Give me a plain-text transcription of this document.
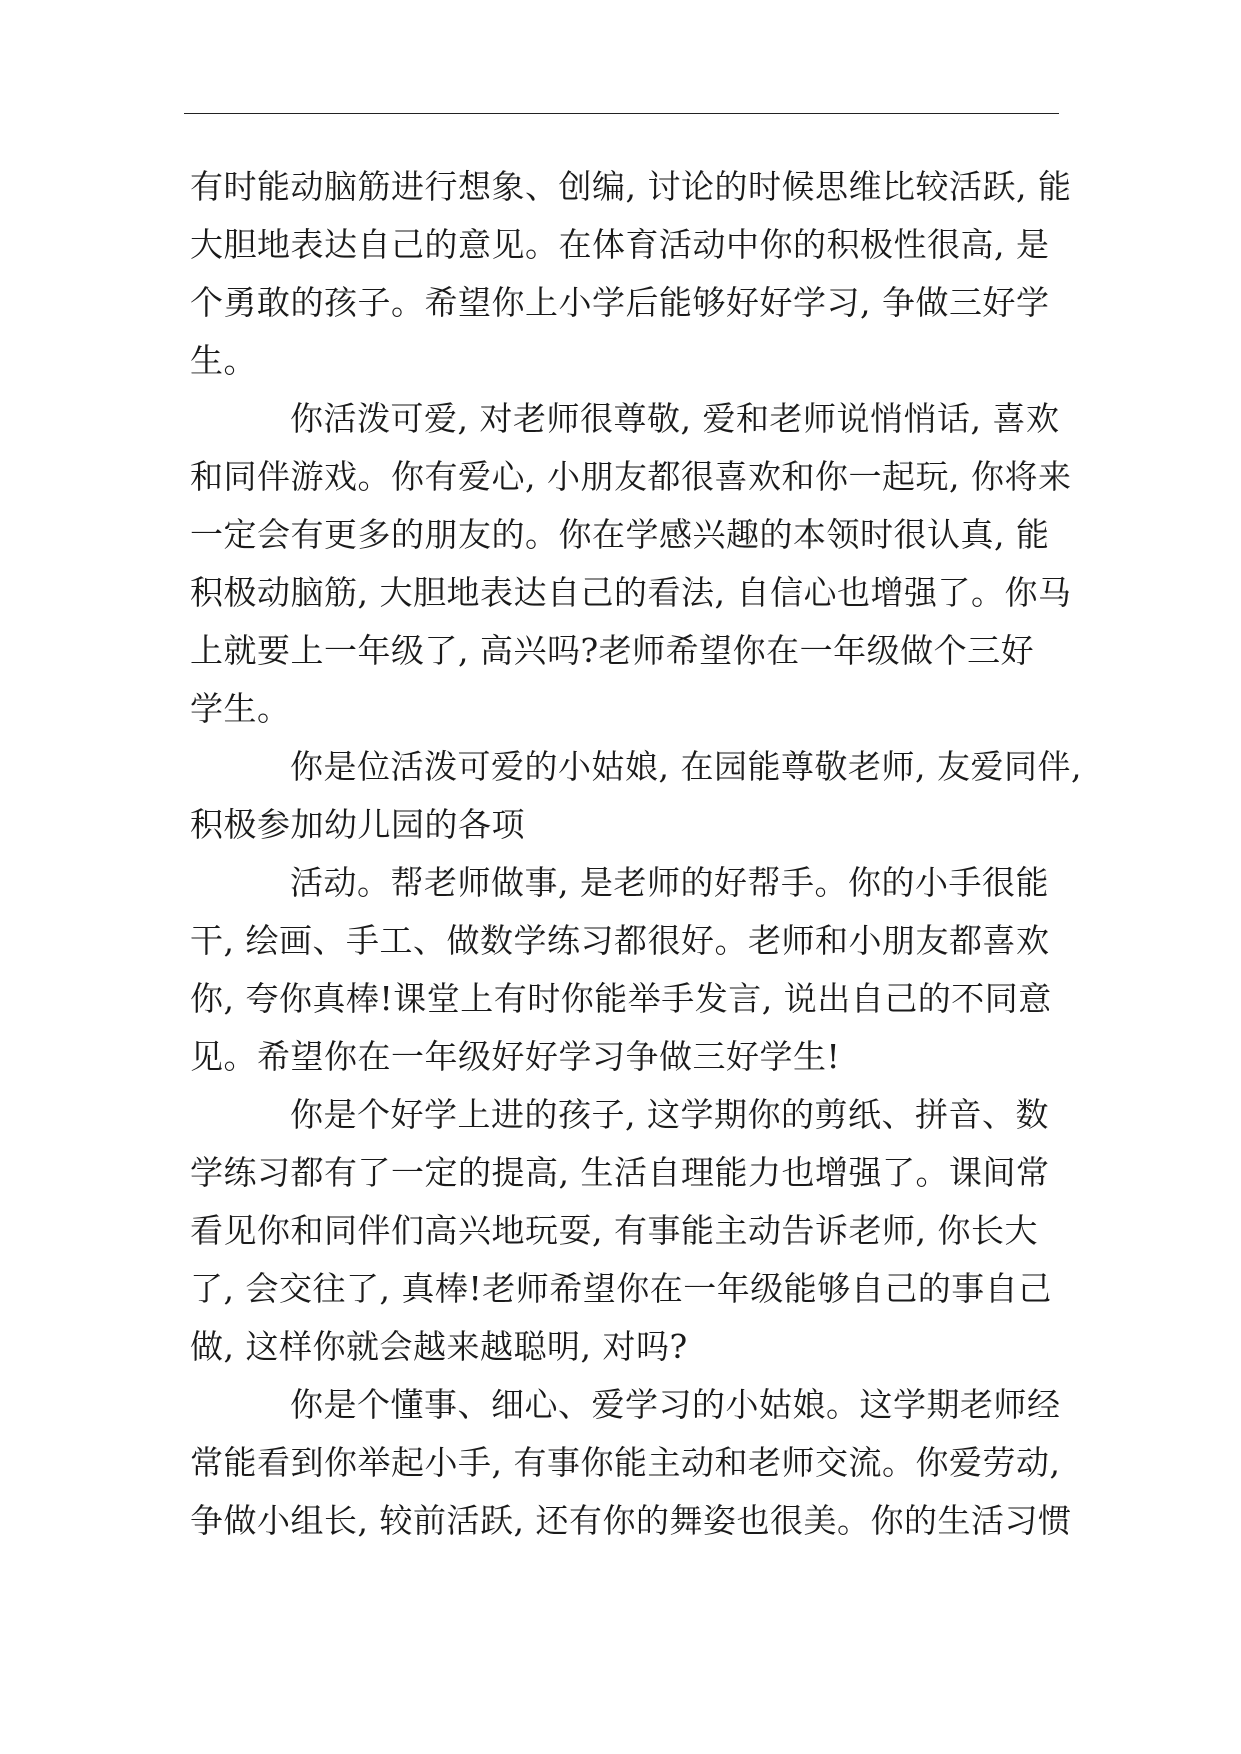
有时能动脑筋进行想象、创编, 讨论的时候思维比较活跃, 能
大胆地表达自己的意见。在体育活动中你的积极性很高, 是
个勇敢的孩子。希望你上小学后能够好好学习, 争做三好学
生。
你活泼可爱, 对老师很尊敬, 爱和老师说悄悄话, 喜欢
和同伴游戏。你有爱心, 小朋友都很喜欢和你一起玩, 你将来
一定会有更多的朋友的。你在学感兴趣的本领时很认真, 能
积极动脑筋, 大胆地表达自己的看法, 自信心也增强了。你马
上就要上一年级了, 高兴吗?老师希望你在一年级做个三好
学生。
你是位活泼可爱的小姑娘, 在园能尊敬老师, 友爱同伴,
积极参加幼儿园的各项
活动。帮老师做事, 是老师的好帮手。你的小手很能
干, 绘画、手工、做数学练习都很好。老师和小朋友都喜欢
你, 夸你真棒!课堂上有时你能举手发言, 说出自己的不同意
见。希望你在一年级好好学习争做三好学生!
你是个好学上进的孩子, 这学期你的剪纸、拼音、数
学练习都有了一定的提高, 生活自理能力也增强了。课间常
看见你和同伴们高兴地玩耍, 有事能主动告诉老师, 你长大
了, 会交往了, 真棒!老师希望你在一年级能够自己的事自己
做, 这样你就会越来越聪明, 对吗?
你是个懂事、细心、爱学习的小姑娘。这学期老师经
常能看到你举起小手, 有事你能主动和老师交流。你爱劳动,
争做小组长, 较前活跃, 还有你的舞姿也很美。你的生活习惯
